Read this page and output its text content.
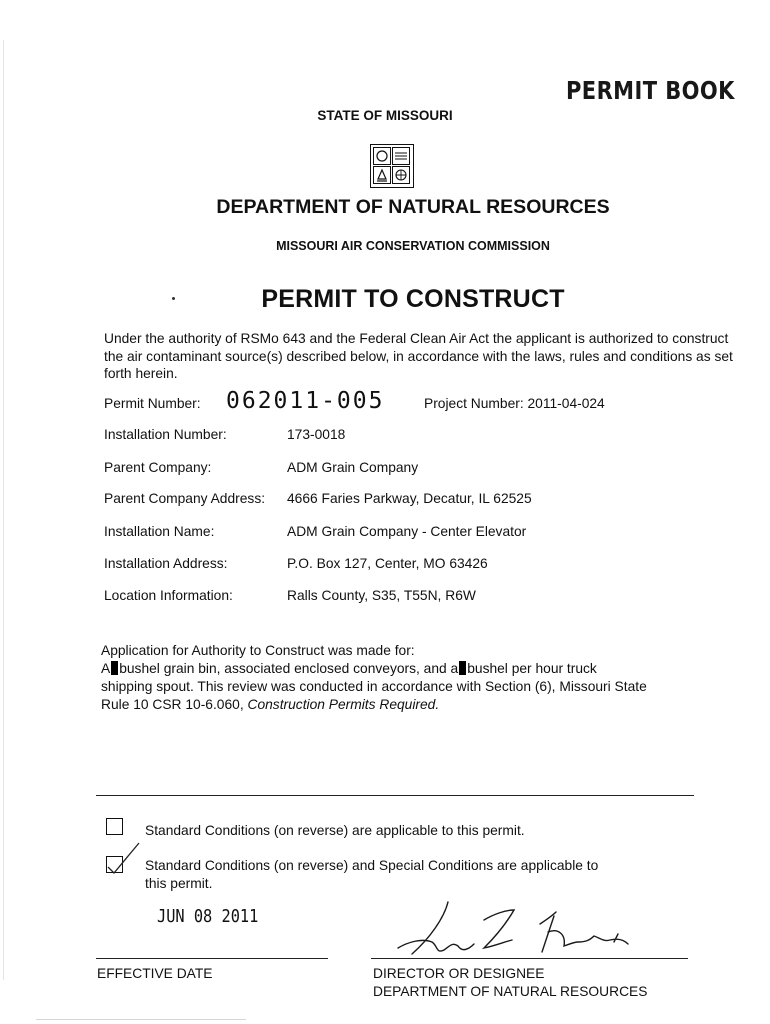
PERMIT BOOK
STATE OF MISSOURI
DEPARTMENT OF NATURAL RESOURCES
MISSOURI AIR CONSERVATION COMMISSION
PERMIT TO CONSTRUCT
Under the authority of RSMo 643 and the Federal Clean Air Act the applicant is authorized to construct the air contaminant source(s) described below, in accordance with the laws, rules and conditions as set forth herein.
Permit Number: 062011-005	Project Number: 2011-04-024
Installation Number:	173-0018
Parent Company:	ADM Grain Company
Parent Company Address: 4666 Faries Parkway, Decatur, IL 62525
Installation Name:	ADM Grain Company - Center Elevator
Installation Address:	P.O. Box 127, Center, MO 63426
Location Information:	Ralls County, S35, T55N, R6W
Application for Authority to Construct was made for:
A bushel grain bin, associated enclosed conveyors, and a bushel per hour truck
shipping spout. This review was conducted in accordance with Section (6), Missouri State
Rule 10 CSR 10-6.060, Construction Permits Required.
Standard Conditions (on reverse) are applicable to this permit.
Standard Conditions (on reverse) and Special Conditions are applicable to
this permit.
JUN 08 2011
EFFECTIVE DATE	DIRECTOR OR DESIGNEE
DEPARTMENT OF NATURAL RESOURCES
